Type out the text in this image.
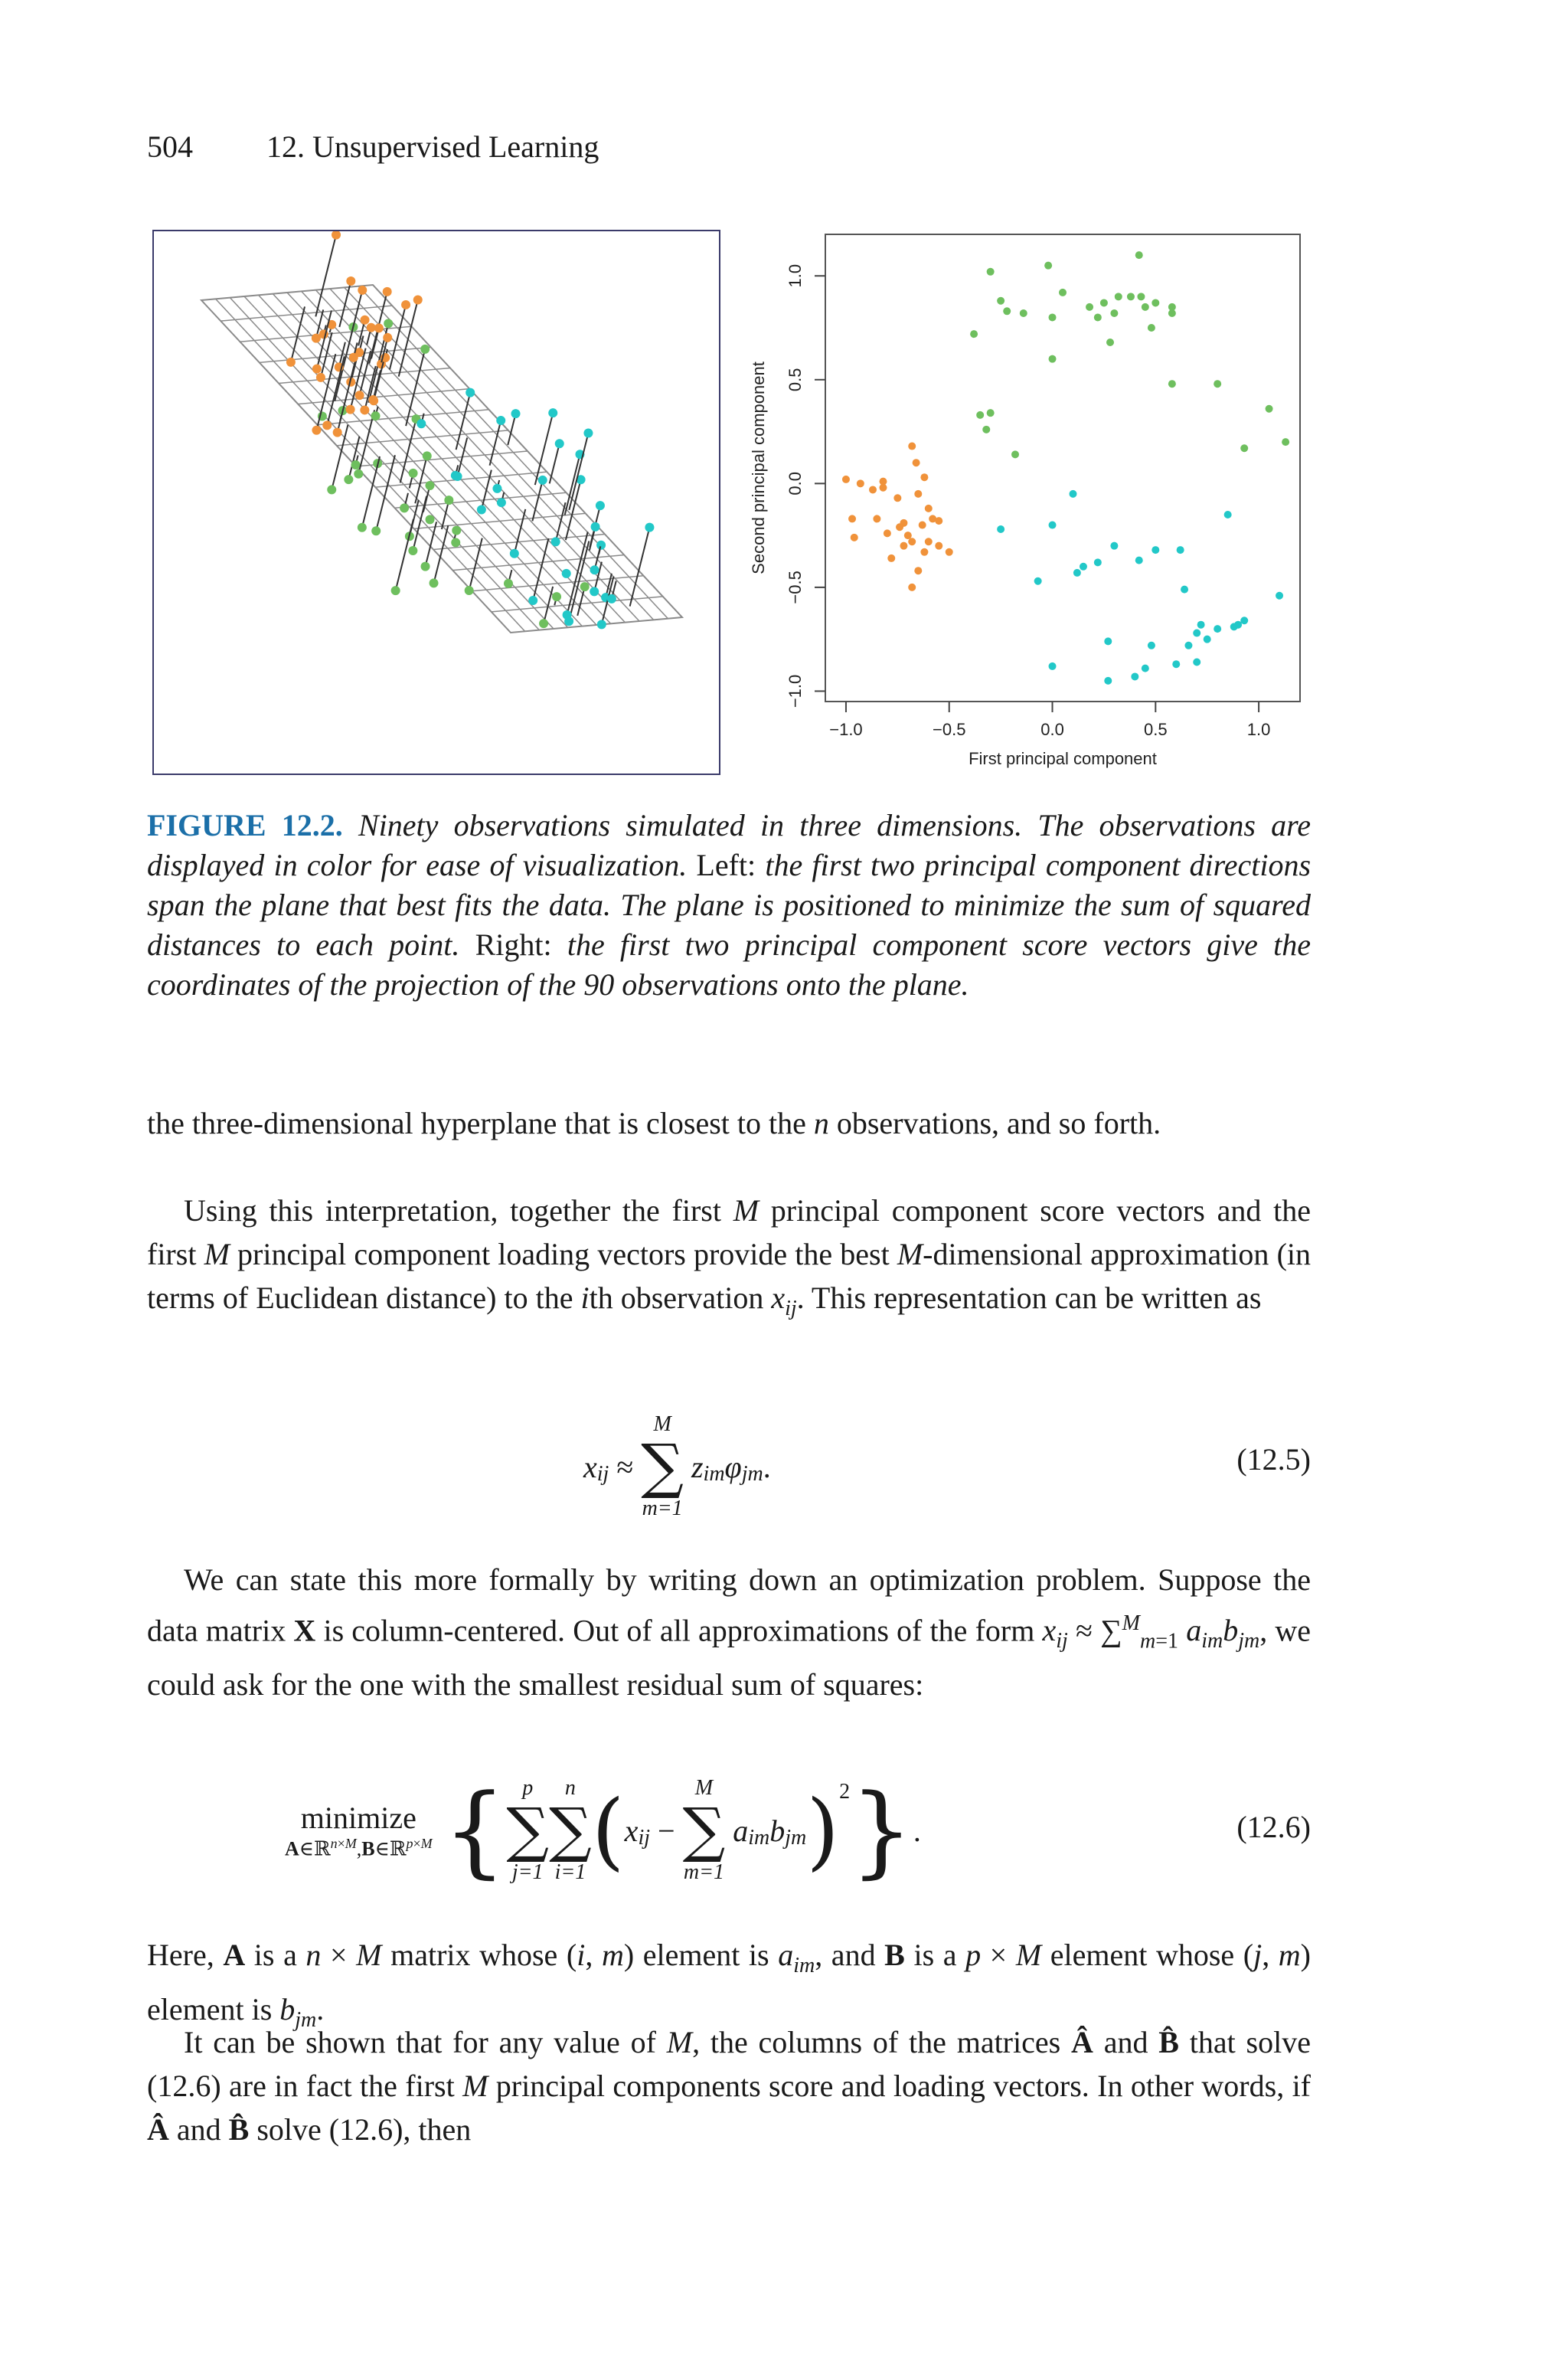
504 12. Unsupervised Learning
−1.0	−0.5	0.0	0.5	1.0
−1.0
−0.5
0.0
0.5
1.0
First principal component
Second principal component
FIGURE 12.2. Ninety observations simulated in three dimensions. The observations are displayed in color for ease of visualization. Left: the first two principal component directions span the plane that best fits the data. The plane is positioned to minimize the sum of squared distances to each point. Right: the first two principal component score vectors give the coordinates of the projection of the 90 observations onto the plane.
the three-dimensional hyperplane that is closest to the n observations, and so forth.
Using this interpretation, together the first M principal component score vectors and the first M principal component loading vectors provide the best M-dimensional approximation (in terms of Euclidean distance) to the ith observation $x_{ij}$. This representation can be written as
x ij ≈
M
∑
m=1

z im φ jm .	(12.5)
We can state this more formally by writing down an optimization problem. Suppose the data matrix X is column-centered. Out of all approximations of the form $x_{ij} \approx \sum^M_{m=1}$ $a_{im}b_{jm}$, we could ask for the one with the smallest residual sum of squares:
minimize
A∈ℝ$^{n\times M}$,B∈ℝ$^{p\times M}$ { p
∑
j=1
n
∑
i=1 ( x ij −
M
∑
m=1

a im b jm ) 2 } .	(12.6)
Here, A is a n × M matrix whose (i, m) element is $a_{im}$, and B is a p × M element whose (j, m) element is $b_{jm}$.
It can be shown that for any value of M, the columns of the matrices Â and B̂ that solve (12.6) are in fact the first M principal components score and loading vectors. In other words, if Â and B̂ solve (12.6), then
